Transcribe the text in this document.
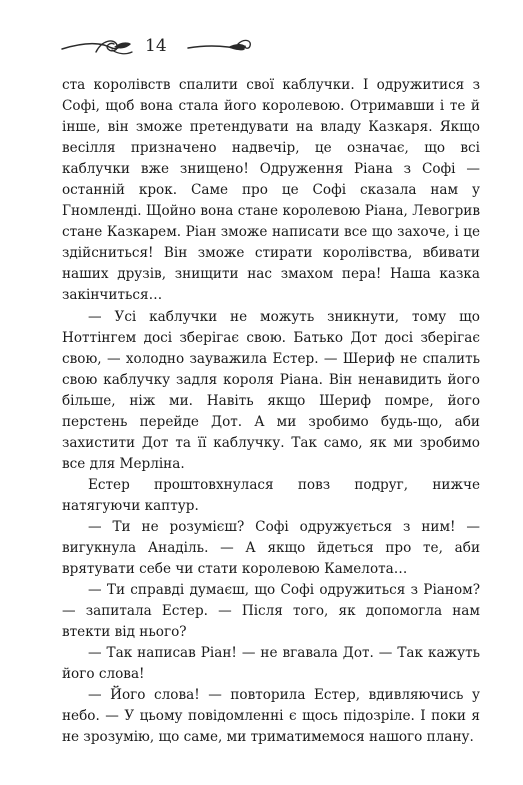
14

ста королівств спалити свої каблучки. І одружитися з Софі, щоб вона стала його королевою. Отримавши і те й інше, він зможе претендувати на владу Казкаря. Якщо весілля призначено надвечір, це означає, що всі каблучки вже знищено! Одруження Ріана з Софі — останній крок. Саме про це Софі сказала нам у Гномленді. Щойно вона стане королевою Ріана, Левогрив стане Казкарем. Ріан зможе написати все що захоче, і це здійсниться! Він зможе стирати королівства, вбивати наших друзів, знищити нас змахом пера! Наша казка закінчиться…

— Усі каблучки не можуть зникнути, тому що Ноттінгем досі зберігає свою. Батько Дот досі зберігає свою, — холодно зауважила Естер. — Шериф не спалить свою каблучку задля короля Ріана. Він ненавидить його більше, ніж ми. Навіть якщо Шериф помре, його перстень перейде Дот. А ми зробимо будь-що, аби захистити Дот та її каблучку. Так само, як ми зробимо все для Мерліна.

Естер проштовхнулася повз подруг, нижче натягуючи каптур.

— Ти не розумієш? Софі одружується з ним! — вигукнула Анаділь. — А якщо йдеться про те, аби врятувати себе чи стати королевою Камелота…

— Ти справді думаєш, що Софі одружиться з Ріаном? — запитала Естер. — Після того, як допомогла нам втекти від нього?

— Так написав Ріан! — не вгавала Дот. — Так кажуть його слова!

— Його слова! — повторила Естер, вдивляючись у небо. — У цьому повідомленні є щось підозріле. І поки я не зрозумію, що саме, ми триматимемося нашого плану.
